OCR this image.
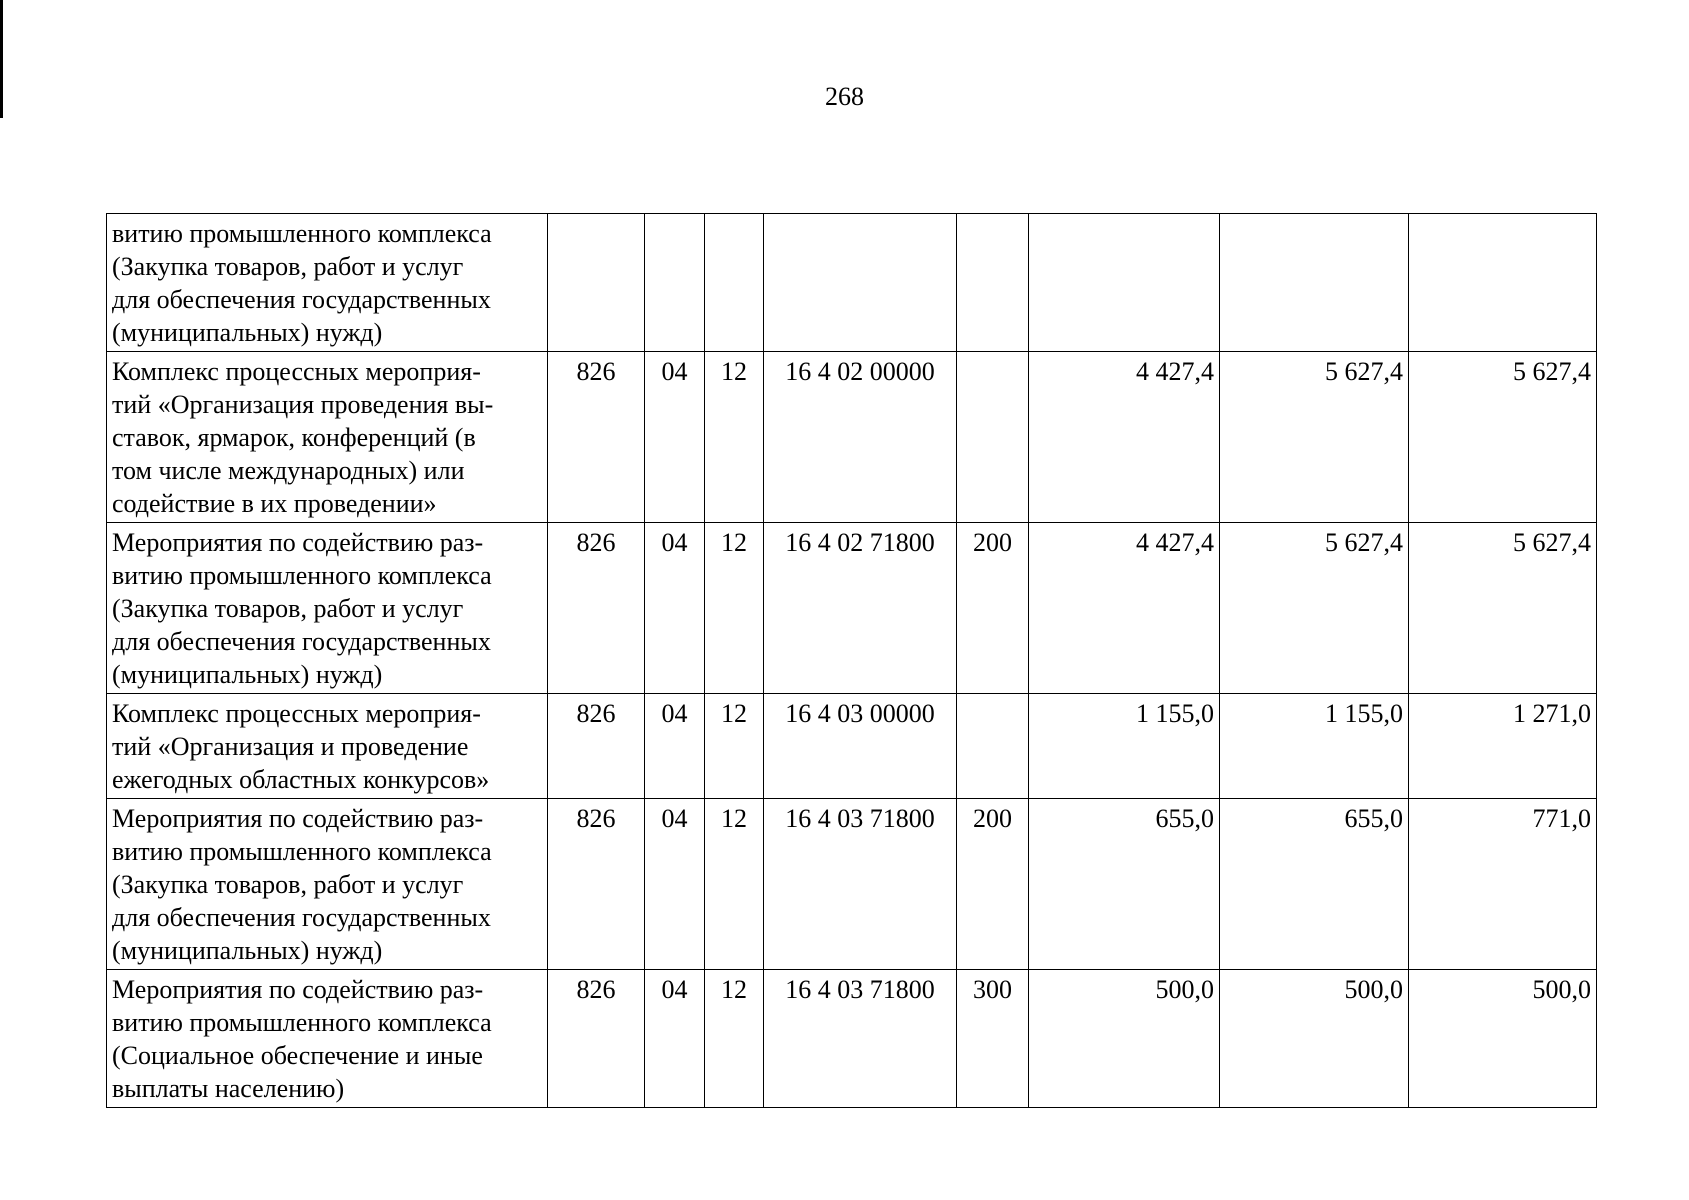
268
витию промышленного комплекса
(Закупка товаров, работ и услуг
для обеспечения государственных
(муниципальных) нужд)								

Комплекс процессных мероприя-
тий «Организация проведения вы-
ставок, ярмарок, конференций (в
том числе международных) или
содействие в их проведении»	826	04	12	16 4 02 00000		4 427,4	5 627,4	5 627,4

Мероприятия по содействию раз-
витию промышленного комплекса
(Закупка товаров, работ и услуг
для обеспечения государственных
(муниципальных) нужд)	826	04	12	16 4 02 71800	200	4 427,4	5 627,4	5 627,4

Комплекс процессных мероприя-
тий «Организация и проведение
ежегодных областных конкурсов»	826	04	12	16 4 03 00000		1 155,0	1 155,0	1 271,0

Мероприятия по содействию раз-
витию промышленного комплекса
(Закупка товаров, работ и услуг
для обеспечения государственных
(муниципальных) нужд)	826	04	12	16 4 03 71800	200	655,0	655,0	771,0

Мероприятия по содействию раз-
витию промышленного комплекса
(Социальное обеспечение и иные
выплаты населению)	826	04	12	16 4 03 71800	300	500,0	500,0	500,0
